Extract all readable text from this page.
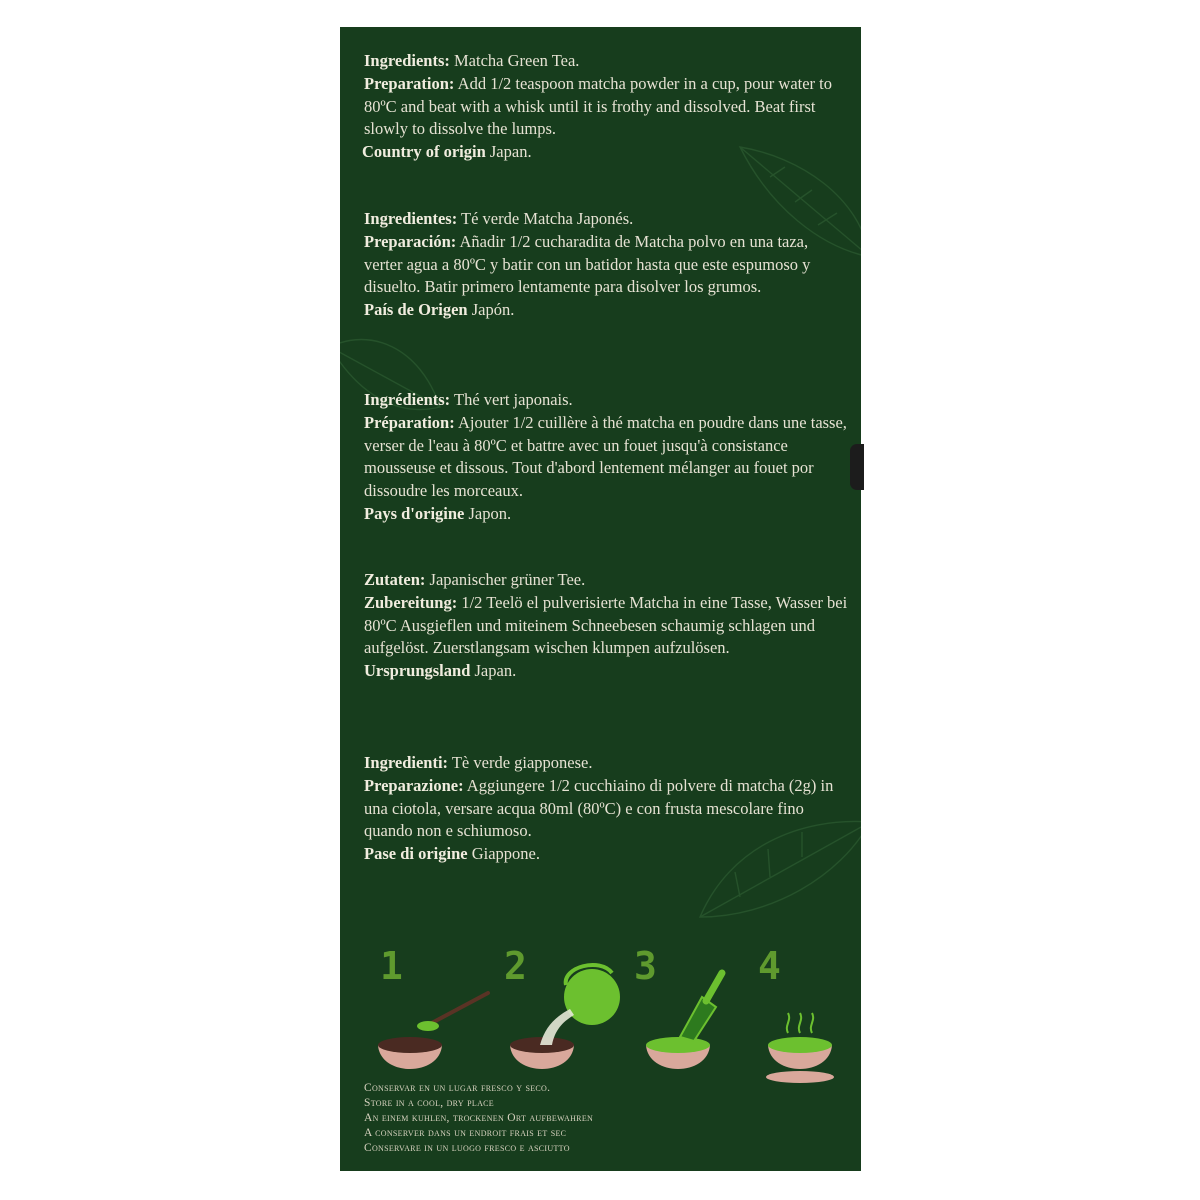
Ingredients: Matcha Green Tea.

Preparation: Add 1/2 teaspoon matcha powder in a cup, pour water to 80ºC and beat with a whisk until it is frothy and dissolved. Beat first slowly to dissolve the lumps.

Country of origin Japan.

Ingredientes: Té verde Matcha Japonés.

Preparación: Añadir 1/2 cucharadita de Matcha polvo en una taza, verter agua a 80ºC y batir con un batidor hasta que este espumoso y disuelto. Batir primero lentamente para disolver los grumos.

País de Origen Japón.

Ingrédients: Thé vert japonais.

Préparation: Ajouter 1/2 cuillère à thé matcha en poudre dans une tasse, verser de l'eau à 80ºC et battre avec un fouet jusqu'à consistance mousseuse et dissous. Tout d'abord lentement mélanger au fouet por dissoudre les morceaux.

Pays d'origine Japon.

Zutaten: Japanischer grüner Tee.

Zubereitung: 1/2 Teelö el pulverisierte Matcha in eine Tasse, Wasser bei 80ºC Ausgieflen und miteinem Schneebesen schaumig schlagen und aufgelöst. Zuerstlangsam wischen klumpen aufzulösen.

Ursprungsland Japan.

Ingredienti: Tè verde giapponese.

Preparazione: Aggiungere 1/2 cucchiaino di polvere di matcha (2g) in una ciotola, versare acqua 80ml (80ºC) e con frusta mescolare fino quando non e schiumoso.

Pase di origine Giappone.

1	2	3	4
Conservar en un lugar fresco y seco.
Store in a cool, dry place
An einem kuhlen, trockenen Ort aufbewahren
A conserver dans un endroit frais et sec
Conservare in un luogo fresco e asciutto
